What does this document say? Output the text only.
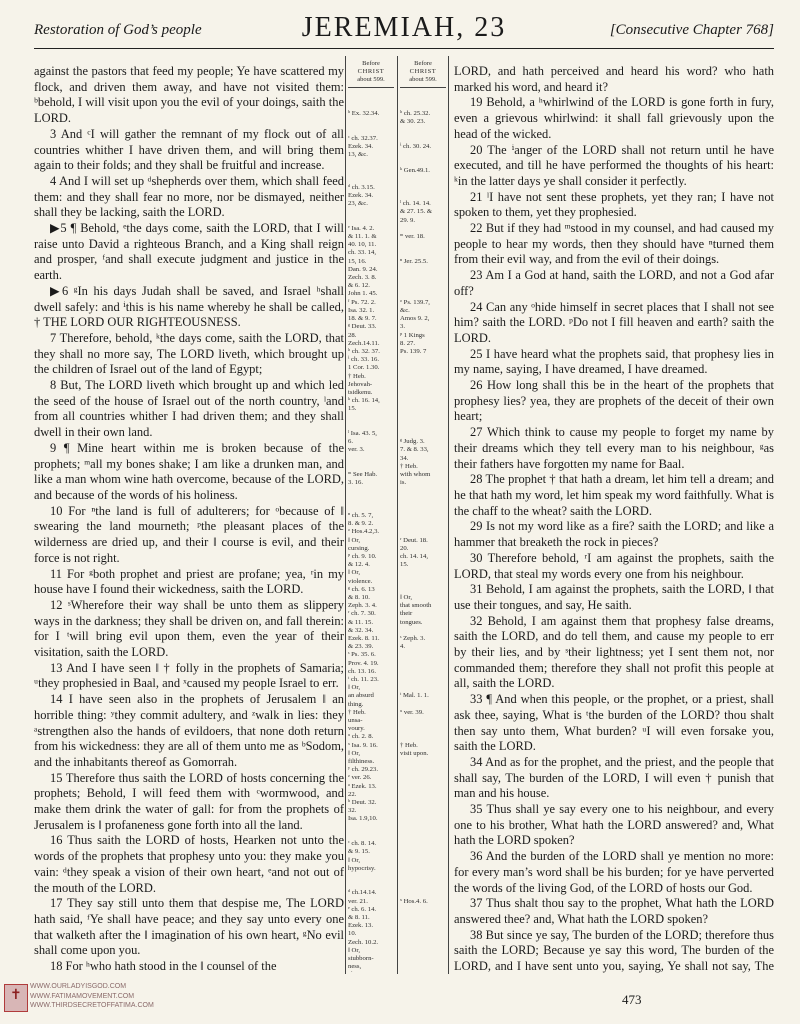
Restoration of God’s people	JEREMIAH, 23	[Consecutive Chapter 768]

against the pastors that feed my people; Ye have scattered my flock, and driven them away, and have not visited them: ᵇbehold, I will visit upon you the evil of your doings, saith the LORD.

3 And ᶜI will gather the remnant of my flock out of all countries whither I have driven them, and will bring them again to their folds; and they shall be fruitful and increase.

4 And I will set up ᵈshepherds over them, which shall feed them: and they shall fear no more, nor be dismayed, neither shall they be lacking, saith the LORD.

▶5 ¶ Behold, ᵉthe days come, saith the LORD, that I will raise unto David a righteous Branch, and a King shall reign and prosper, ᶠand shall execute judgment and justice in the earth.

▶6 ᵍIn his days Judah shall be saved, and Israel ʰshall dwell safely: and ⁱthis is his name whereby he shall be called, † THE LORD OUR RIGHTEOUSNESS.

7 Therefore, behold, ᵏthe days come, saith the LORD, that they shall no more say, The LORD liveth, which brought up the children of Israel out of the land of Egypt;

8 But, The LORD liveth which brought up and which led the seed of the house of Israel out of the north country, ˡand from all countries whither I had driven them; and they shall dwell in their own land.

9 ¶ Mine heart within me is broken because of the prophets; ᵐall my bones shake; I am like a drunken man, and like a man whom wine hath overcome, because of the LORD, and because of the words of his holiness.

10 For ⁿthe land is full of adulterers; for ᵒbecause of ‖ swearing the land mourneth; ᵖthe pleasant places of the wilderness are dried up, and their ‖ course is evil, and their force is not right.

11 For ᵍboth prophet and priest are profane; yea, ʳin my house have I found their wickedness, saith the LORD.

12 ˢWherefore their way shall be unto them as slippery ways in the darkness; they shall be driven on, and fall therein: for I ᵗwill bring evil upon them, even the year of their visitation, saith the LORD.

13 And I have seen ‖ † folly in the prophets of Samaria; ᵘthey prophesied in Baal, and ˣcaused my people Israel to err.

14 I have seen also in the prophets of Jerusalem ‖ an horrible thing: ʸthey commit adultery, and ᶻwalk in lies: they ᵃstrengthen also the hands of evildoers, that none doth return from his wickedness: they are all of them unto me as ᵇSodom, and the inhabitants thereof as Gomorrah.

15 Therefore thus saith the LORD of hosts concerning the prophets; Behold, I will feed them with ᶜwormwood, and make them drink the water of gall: for from the prophets of Jerusalem is ‖ profaneness gone forth into all the land.

16 Thus saith the LORD of hosts, Hearken not unto the words of the prophets that prophesy unto you: they make you vain: ᵈthey speak a vision of their own heart, ᵉand not out of the mouth of the LORD.

17 They say still unto them that despise me, The LORD hath said, ᶠYe shall have peace; and they say unto every one that walketh after the ‖ imagination of his own heart, ᵍNo evil shall come upon you.

18 For ʰwho hath stood in the ‖ counsel of the

Before
CHRIST
about 599.

ᵇ Ex. 32.34.

ᶜ ch. 32.37.
Ezek. 34.
13, &c.

ᵈ ch. 3.15.
Ezek. 34.
23, &c.

ᵉ Isa. 4. 2.
& 11. 1. &
40. 10, 11.
ch. 33. 14,
15, 16.
Dan. 9. 24.
Zech. 3. 8.
& 6. 12.
John 1. 45.
ᶠ Ps. 72. 2.
Isa. 32. 1.
18. & 9. 7.
ᵍ Deut. 33.
28.
Zech.14.11.
ʰ ch. 32. 37.
ⁱ ch. 33. 16.
1 Cor. 1.30.
† Heb.
Jehovah-
tsidkenu.
ᵏ ch. 16. 14,
15.

ˡ Isa. 43. 5,
6.
ver. 3.

ᵐ See Hab.
3. 16.

ⁿ ch. 5. 7,
8. & 9. 2.
ᵒ Hos.4.2,3.
‖ Or,
cursing.
ᵖ ch. 9. 10.
& 12. 4.
‖ Or,
violence.
ᵍ ch. 6. 13
& 8. 10.
Zeph. 3. 4.
ʳ ch. 7. 30.
& 11. 15.
& 32. 34.
Ezek. 8. 11.
& 23. 39.
ˢ Ps. 35. 6.
Prov. 4. 19.
ch. 13. 16.
ᵗ ch. 11. 23.
‖ Or,
an absurd
thing.
† Heb.
unsa-
voury.
ᵘ ch. 2. 8.
ˣ Isa. 9. 16.
‖ Or,
filthiness.
ʸ ch. 29.23.
ᶻ ver. 26.
ᵃ Ezek. 13.
22.
ᵇ Deut. 32.
32.
Isa. 1.9,10.

ᶜ ch. 8. 14.
& 9. 15.
‖ Or,
hypocrisy.

ᵈ ch.14.14.
ver. 21.
ᵉ ch. 6. 14.
& 8. 11.
Ezek. 13.
10.
Zech. 10.2.
‖ Or,
stubborn-
ness,

Before
CHRIST
about 599.

ʰ ch. 25.32.
& 30. 23.

ⁱ ch. 30. 24.

ᵏ Gen.49.1.

ˡ ch. 14. 14.
& 27. 15. &
29. 9.

ᵐ ver. 18.

ⁿ Jer. 25.5.

ᵒ Ps. 139.7,
&c.
Amos 9. 2,
3.
ᵖ 1 Kings
8. 27.
Ps. 139. 7

ᵍ Judg. 3.
7. & 8. 33,
34.
† Heb.
with whom
is.

ʳ Deut. 18.
20.
ch. 14. 14,
15.

‖ Or,
that smooth
their
tongues.

ˢ Zeph. 3.
4.

ᵗ Mal. 1. 1.

ᵘ ver. 39.

† Heb.
visit upon.

ˣ Hos.4. 6.

LORD, and hath perceived and heard his word? who hath marked his word, and heard it?

19 Behold, a ʰwhirlwind of the LORD is gone forth in fury, even a grievous whirlwind: it shall fall grievously upon the head of the wicked.

20 The ⁱanger of the LORD shall not return until he have executed, and till he have performed the thoughts of his heart: ᵏin the latter days ye shall consider it perfectly.

21 ˡI have not sent these prophets, yet they ran; I have not spoken to them, yet they prophesied.

22 But if they had ᵐstood in my counsel, and had caused my people to hear my words, then they should have ⁿturned them from their evil way, and from the evil of their doings.

23 Am I a God at hand, saith the LORD, and not a God afar off?

24 Can any ᵒhide himself in secret places that I shall not see him? saith the LORD. ᵖDo not I fill heaven and earth? saith the LORD.

25 I have heard what the prophets said, that prophesy lies in my name, saying, I have dreamed, I have dreamed.

26 How long shall this be in the heart of the prophets that prophesy lies? yea, they are prophets of the deceit of their own heart;

27 Which think to cause my people to forget my name by their dreams which they tell every man to his neighbour, ᵍas their fathers have forgotten my name for Baal.

28 The prophet † that hath a dream, let him tell a dream; and he that hath my word, let him speak my word faithfully. What is the chaff to the wheat? saith the LORD.

29 Is not my word like as a fire? saith the LORD; and like a hammer that breaketh the rock in pieces?

30 Therefore behold, ʳI am against the prophets, saith the LORD, that steal my words every one from his neighbour.

31 Behold, I am against the prophets, saith the LORD, ‖ that use their tongues, and say, He saith.

32 Behold, I am against them that prophesy false dreams, saith the LORD, and do tell them, and cause my people to err by their lies, and by ˢtheir lightness; yet I sent them not, nor commanded them; therefore they shall not profit this people at all, saith the LORD.

33 ¶ And when this people, or the prophet, or a priest, shall ask thee, saying, What is ᵗthe burden of the LORD? thou shalt then say unto them, What burden? ᵘI will even forsake you, saith the LORD.

34 And as for the prophet, and the priest, and the people that shall say, The burden of the LORD, I will even † punish that man and his house.

35 Thus shall ye say every one to his neighbour, and every one to his brother, What hath the LORD answered? and, What hath the LORD spoken?

36 And the burden of the LORD shall ye mention no more: for every man’s word shall be his burden; for ye have perverted the words of the living God, of the LORD of hosts our God.

37 Thus shalt thou say to the prophet, What hath the LORD answered thee? and, What hath the LORD spoken?

38 But since ye say, The burden of the LORD; therefore thus saith the LORD; Because ye say this word, The burden of the LORD, and I have sent unto you, saying, Ye shall not say, The

✝
WWW.OURLADYISGOD.COM
WWW.FATIMAMOVEMENT.COM
WWW.THIRDSECRETOFFATIMA.COM	473
